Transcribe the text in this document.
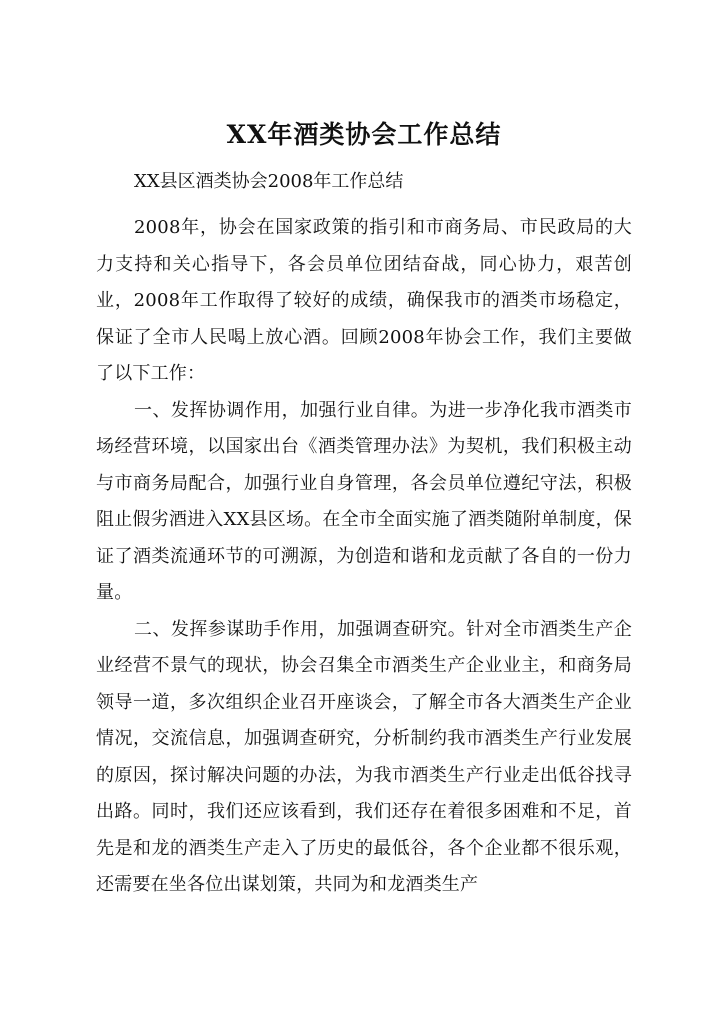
XX年酒类协会工作总结

XX县区酒类协会2008年工作总结

2008年，协会在国家政策的指引和市商务局、市民政局的大力支持和关心指导下，各会员单位团结奋战，同心协力，艰苦创业，2008年工作取得了较好的成绩，确保我市的酒类市场稳定，保证了全市人民喝上放心酒。回顾2008年协会工作，我们主要做了以下工作：

一、发挥协调作用，加强行业自律。为进一步净化我市酒类市场经营环境，以国家出台《酒类管理办法》为契机，我们积极主动与市商务局配合，加强行业自身管理，各会员单位遵纪守法，积极阻止假劣酒进入XX县区场。在全市全面实施了酒类随附单制度，保证了酒类流通环节的可溯源，为创造和谐和龙贡献了各自的一份力量。

二、发挥参谋助手作用，加强调查研究。针对全市酒类生产企业经营不景气的现状，协会召集全市酒类生产企业业主，和商务局领导一道，多次组织企业召开座谈会，了解全市各大酒类生产企业情况，交流信息，加强调查研究，分析制约我市酒类生产行业发展的原因，探讨解决问题的办法，为我市酒类生产行业走出低谷找寻出路。同时，我们还应该看到，我们还存在着很多困难和不足，首先是和龙的酒类生产走入了历史的最低谷，各个企业都不很乐观，还需要在坐各位出谋划策，共同为和龙酒类生产
